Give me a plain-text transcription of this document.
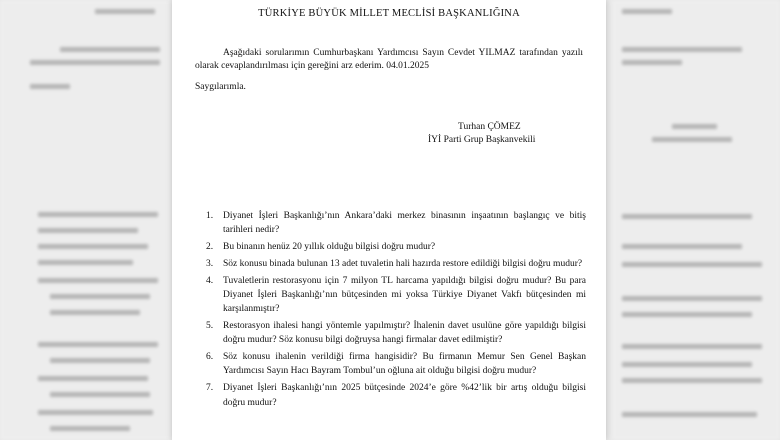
TÜRKİYE BÜYÜK MİLLET MECLİSİ BAŞKANLIĞINA

Aşağıdaki sorularımın Cumhurbaşkanı Yardımcısı Sayın Cevdet YILMAZ tarafından yazılı olarak cevaplandırılması için gereğini arz ederim. 04.01.2025

Saygılarımla.

Turhan ÇÖMEZ
İYİ Parti Grup Başkanvekili
1. Diyanet İşleri Başkanlığı’nın Ankara’daki merkez binasının inşaatının başlangıç ve bitiş tarihleri nedir?
2. Bu binanın henüz 20 yıllık olduğu bilgisi doğru mudur?
3. Söz konusu binada bulunan 13 adet tuvaletin hali hazırda restore edildiği bilgisi doğru mudur?
4. Tuvaletlerin restorasyonu için 7 milyon TL harcama yapıldığı bilgisi doğru mudur? Bu para Diyanet İşleri Başkanlığı’nın bütçesinden mi yoksa Türkiye Diyanet Vakfı bütçesinden mi karşılanmıştır?
5. Restorasyon ihalesi hangi yöntemle yapılmıştır? İhalenin davet usulüne göre yapıldığı bilgisi doğru mudur? Söz konusu bilgi doğruysa hangi firmalar davet edilmiştir?
6. Söz konusu ihalenin verildiği firma hangisidir? Bu firmanın Memur Sen Genel Başkan Yardımcısı Sayın Hacı Bayram Tombul’un oğluna ait olduğu bilgisi doğru mudur?
7. Diyanet İşleri Başkanlığı’nın 2025 bütçesinde 2024’e göre %42’lik bir artış olduğu bilgisi doğru mudur?
